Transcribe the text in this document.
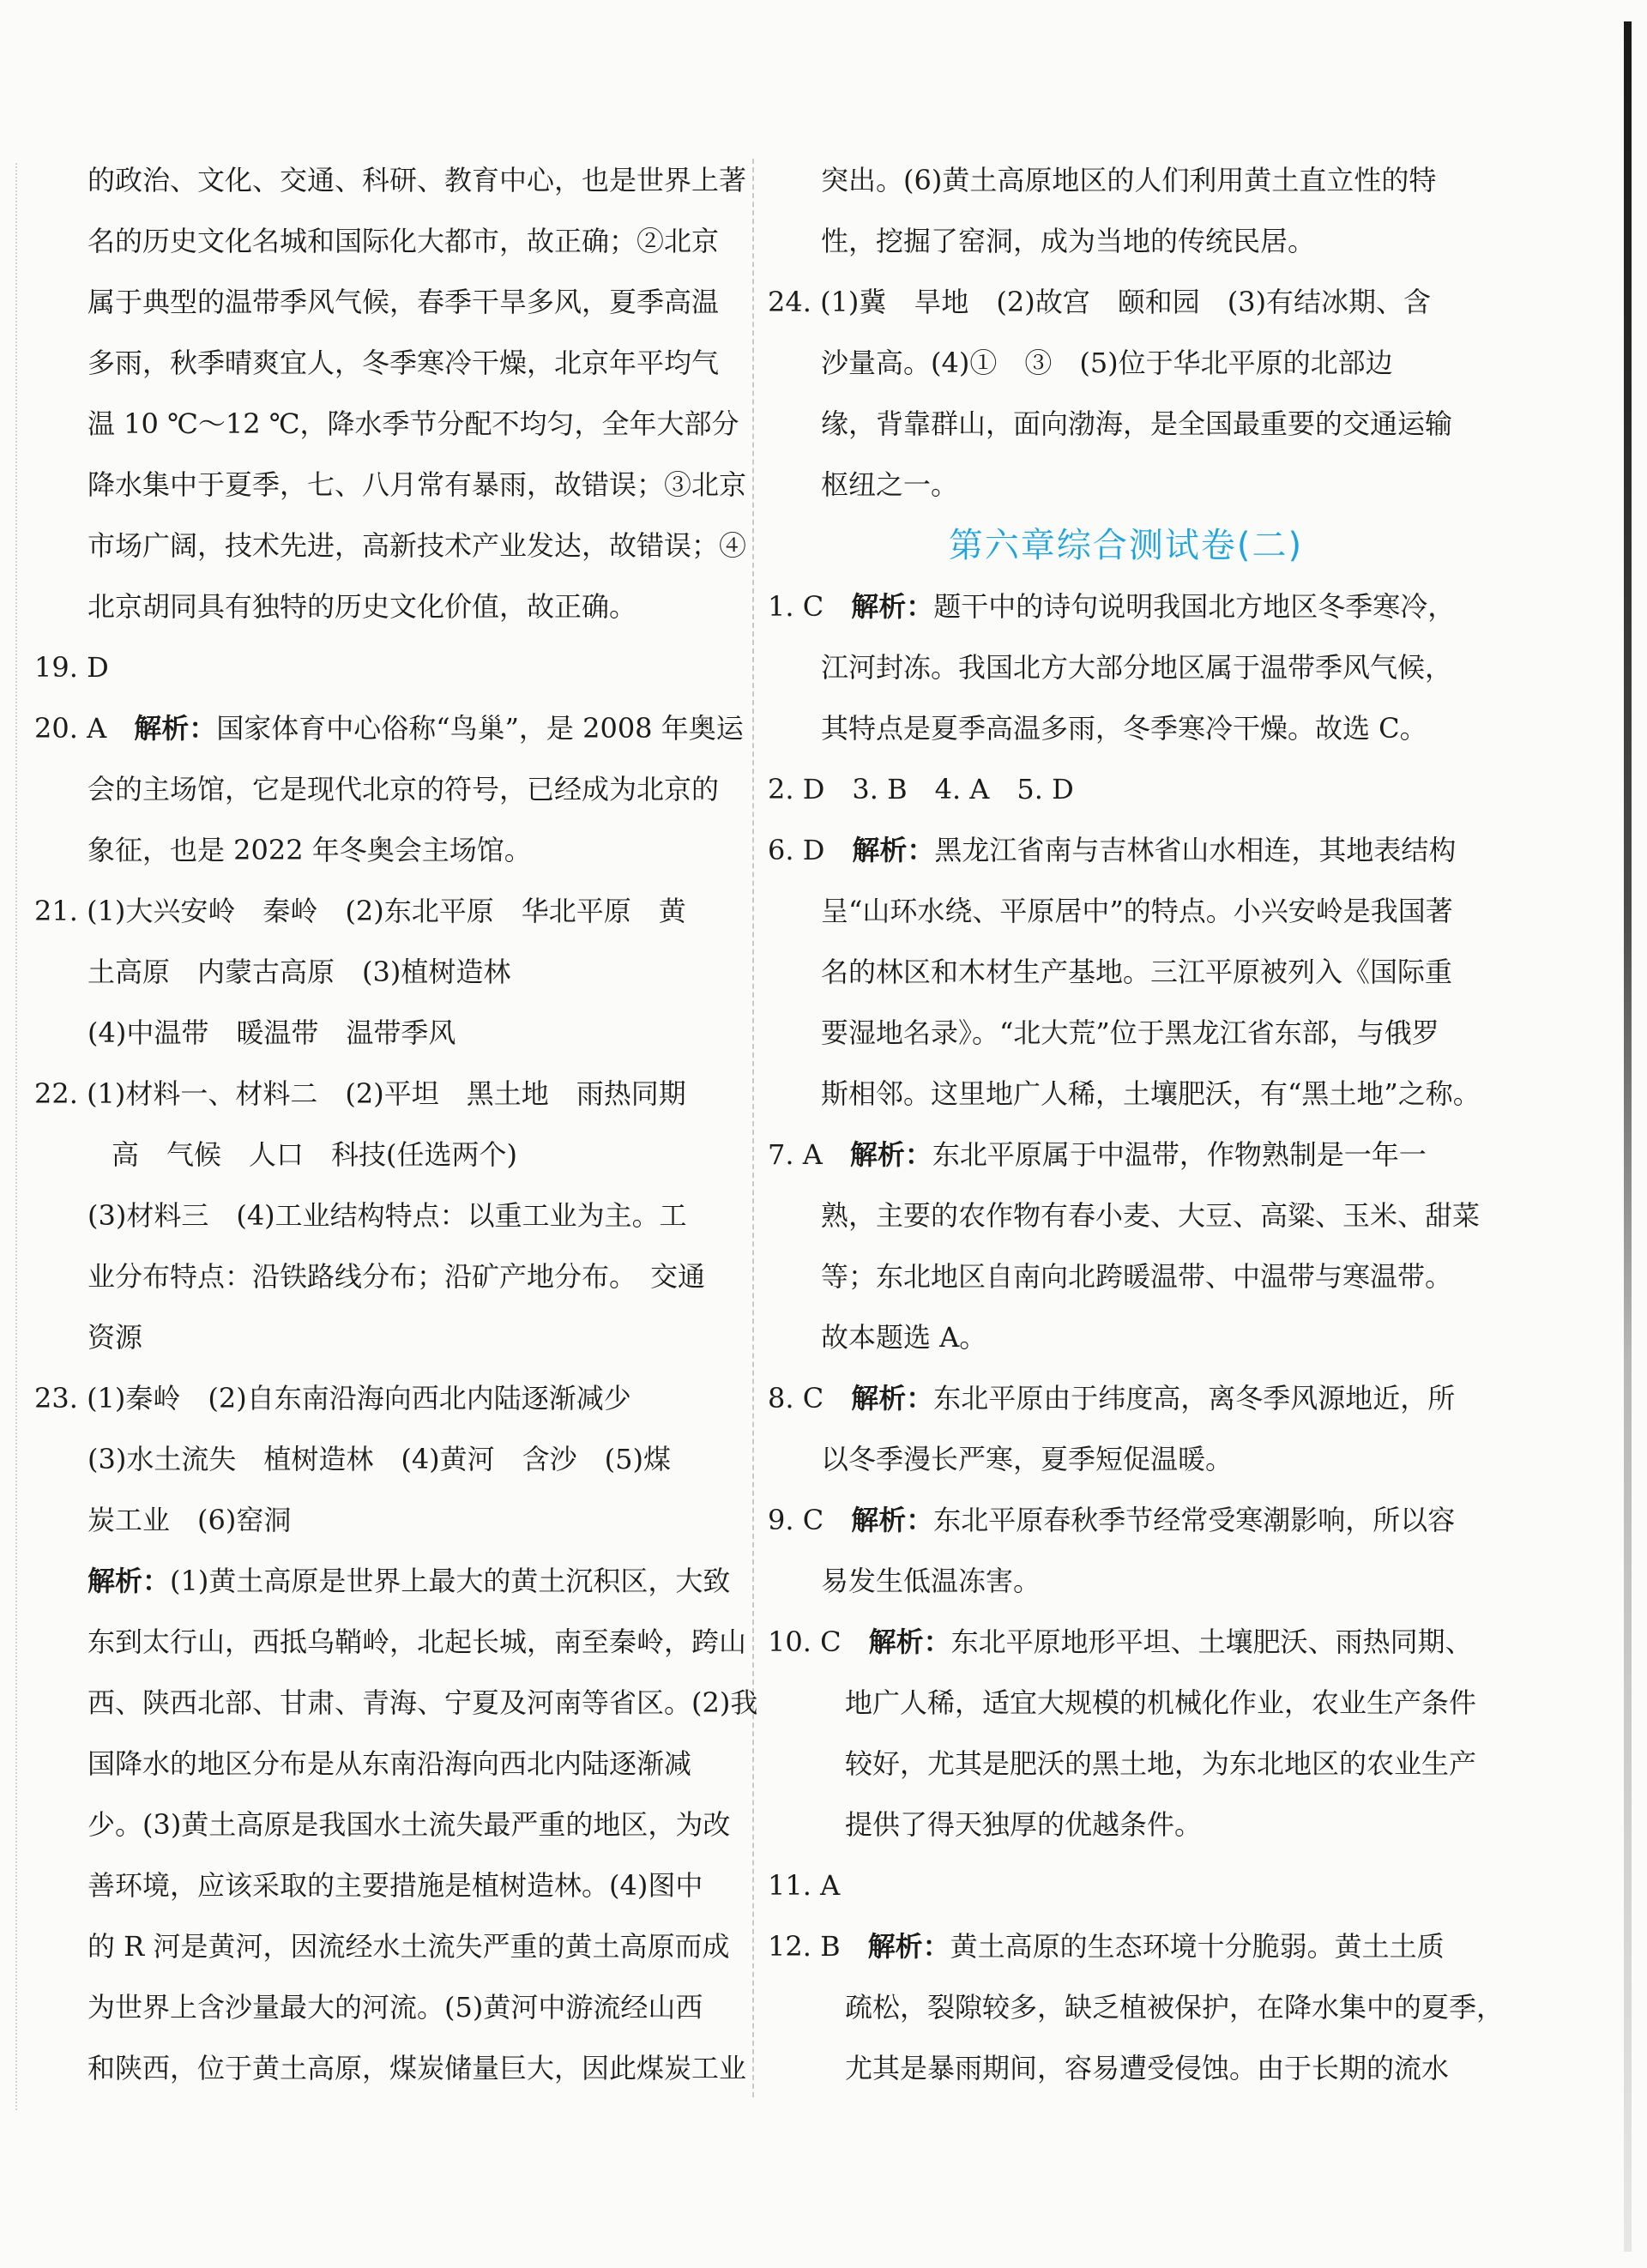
的政治、文化、交通、科研、教育中心，也是世界上著
名的历史文化名城和国际化大都市，故正确；②北京
属于典型的温带季风气候，春季干旱多风，夏季高温
多雨，秋季晴爽宜人，冬季寒冷干燥，北京年平均气
温 10 ℃～12 ℃，降水季节分配不均匀，全年大部分
降水集中于夏季，七、八月常有暴雨，故错误；③北京
市场广阔，技术先进，高新技术产业发达，故错误；④
北京胡同具有独特的历史文化价值，故正确。
19. D
20. A　解析：国家体育中心俗称“鸟巢”，是 2008 年奥运
会的主场馆，它是现代北京的符号，已经成为北京的
象征，也是 2022 年冬奥会主场馆。
21. (1)大兴安岭　秦岭　(2)东北平原　华北平原　黄
土高原　内蒙古高原　(3)植树造林
(4)中温带　暖温带　温带季风
22. (1)材料一、材料二　(2)平坦　黑土地　雨热同期
高　气候　人口　科技(任选两个)
(3)材料三　(4)工业结构特点：以重工业为主。工
业分布特点：沿铁路线分布；沿矿产地分布。　交通
资源
23. (1)秦岭　(2)自东南沿海向西北内陆逐渐减少
(3)水土流失　植树造林　(4)黄河　含沙　(5)煤
炭工业　(6)窑洞
解析：(1)黄土高原是世界上最大的黄土沉积区，大致
东到太行山，西抵乌鞘岭，北起长城，南至秦岭，跨山
西、陕西北部、甘肃、青海、宁夏及河南等省区。(2)我
国降水的地区分布是从东南沿海向西北内陆逐渐减
少。(3)黄土高原是我国水土流失最严重的地区，为改
善环境，应该采取的主要措施是植树造林。(4)图中
的 R 河是黄河，因流经水土流失严重的黄土高原而成
为世界上含沙量最大的河流。(5)黄河中游流经山西
和陕西，位于黄土高原，煤炭储量巨大，因此煤炭工业
突出。(6)黄土高原地区的人们利用黄土直立性的特
性，挖掘了窑洞，成为当地的传统民居。
24. (1)冀　旱地　(2)故宫　颐和园　(3)有结冰期、含
沙量高。(4)①　③　(5)位于华北平原的北部边
缘，背靠群山，面向渤海，是全国最重要的交通运输
枢纽之一。
第六章综合测试卷(二)
1. C　解析：题干中的诗句说明我国北方地区冬季寒冷，
江河封冻。我国北方大部分地区属于温带季风气候，
其特点是夏季高温多雨，冬季寒冷干燥。故选 C。
2. D　3. B　4. A　5. D
6. D　解析：黑龙江省南与吉林省山水相连，其地表结构
呈“山环水绕、平原居中”的特点。小兴安岭是我国著
名的林区和木材生产基地。三江平原被列入《国际重
要湿地名录》。“北大荒”位于黑龙江省东部，与俄罗
斯相邻。这里地广人稀，土壤肥沃，有“黑土地”之称。
7. A　解析：东北平原属于中温带，作物熟制是一年一
熟，主要的农作物有春小麦、大豆、高粱、玉米、甜菜
等；东北地区自南向北跨暖温带、中温带与寒温带。
故本题选 A。
8. C　解析：东北平原由于纬度高，离冬季风源地近，所
以冬季漫长严寒，夏季短促温暖。
9. C　解析：东北平原春秋季节经常受寒潮影响，所以容
易发生低温冻害。
10. C　解析：东北平原地形平坦、土壤肥沃、雨热同期、
地广人稀，适宜大规模的机械化作业，农业生产条件
较好，尤其是肥沃的黑土地，为东北地区的农业生产
提供了得天独厚的优越条件。
11. A
12. B　解析：黄土高原的生态环境十分脆弱。黄土土质
疏松，裂隙较多，缺乏植被保护，在降水集中的夏季，
尤其是暴雨期间，容易遭受侵蚀。由于长期的流水
